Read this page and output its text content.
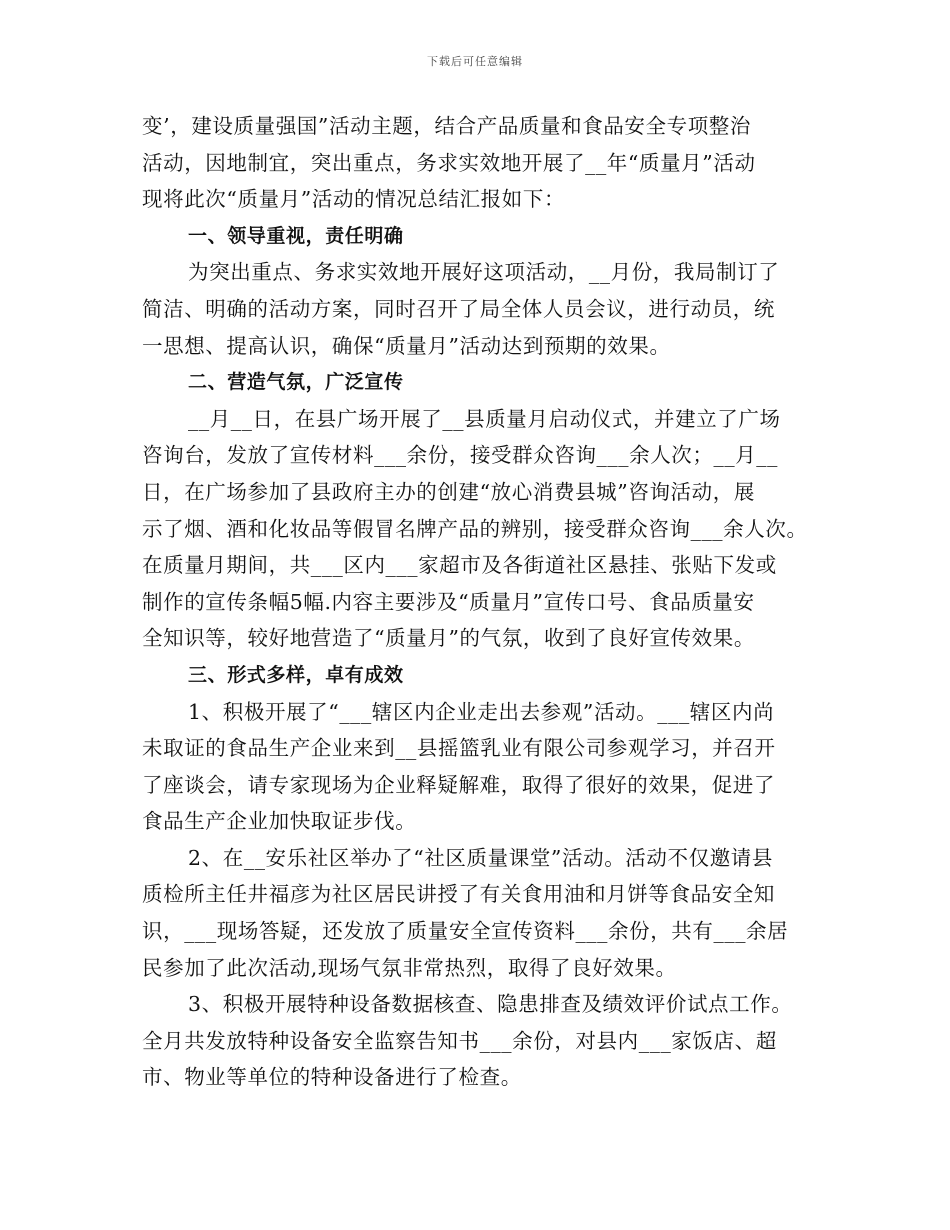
下载后可任意编辑
变’，建设质量强国”活动主题，结合产品质量和食品安全专项整治
活动，因地制宜，突出重点，务求实效地开展了__年“质量月”活动
现将此次“质量月”活动的情况总结汇报如下：
一、领导重视，责任明确
为突出重点、务求实效地开展好这项活动，__月份，我局制订了
简洁、明确的活动方案，同时召开了局全体人员会议，进行动员，统
一思想、提高认识，确保“质量月”活动达到预期的效果。
二、营造气氛，广泛宣传
__月__日，在县广场开展了__县质量月启动仪式，并建立了广场
咨询台，发放了宣传材料___余份，接受群众咨询___余人次；__月__
日，在广场参加了县政府主办的创建“放心消费县城”咨询活动，展
示了烟、酒和化妆品等假冒名牌产品的辨别，接受群众咨询___余人次。
在质量月期间，共___区内___家超市及各街道社区悬挂、张贴下发或
制作的宣传条幅5幅.内容主要涉及“质量月”宣传口号、食品质量安
全知识等，较好地营造了“质量月”的气氛，收到了良好宣传效果。
三、形式多样，卓有成效
1、积极开展了“___辖区内企业走出去参观”活动。___辖区内尚
未取证的食品生产企业来到__县摇篮乳业有限公司参观学习，并召开
了座谈会，请专家现场为企业释疑解难，取得了很好的效果，促进了
食品生产企业加快取证步伐。
2、在__安乐社区举办了“社区质量课堂”活动。活动不仅邀请县
质检所主任井福彦为社区居民讲授了有关食用油和月饼等食品安全知
识，___现场答疑，还发放了质量安全宣传资料___余份，共有___余居
民参加了此次活动,现场气氛非常热烈，取得了良好效果。
3、积极开展特种设备数据核查、隐患排查及绩效评价试点工作。
全月共发放特种设备安全监察告知书___余份，对县内___家饭店、超
市、物业等单位的特种设备进行了检查。
